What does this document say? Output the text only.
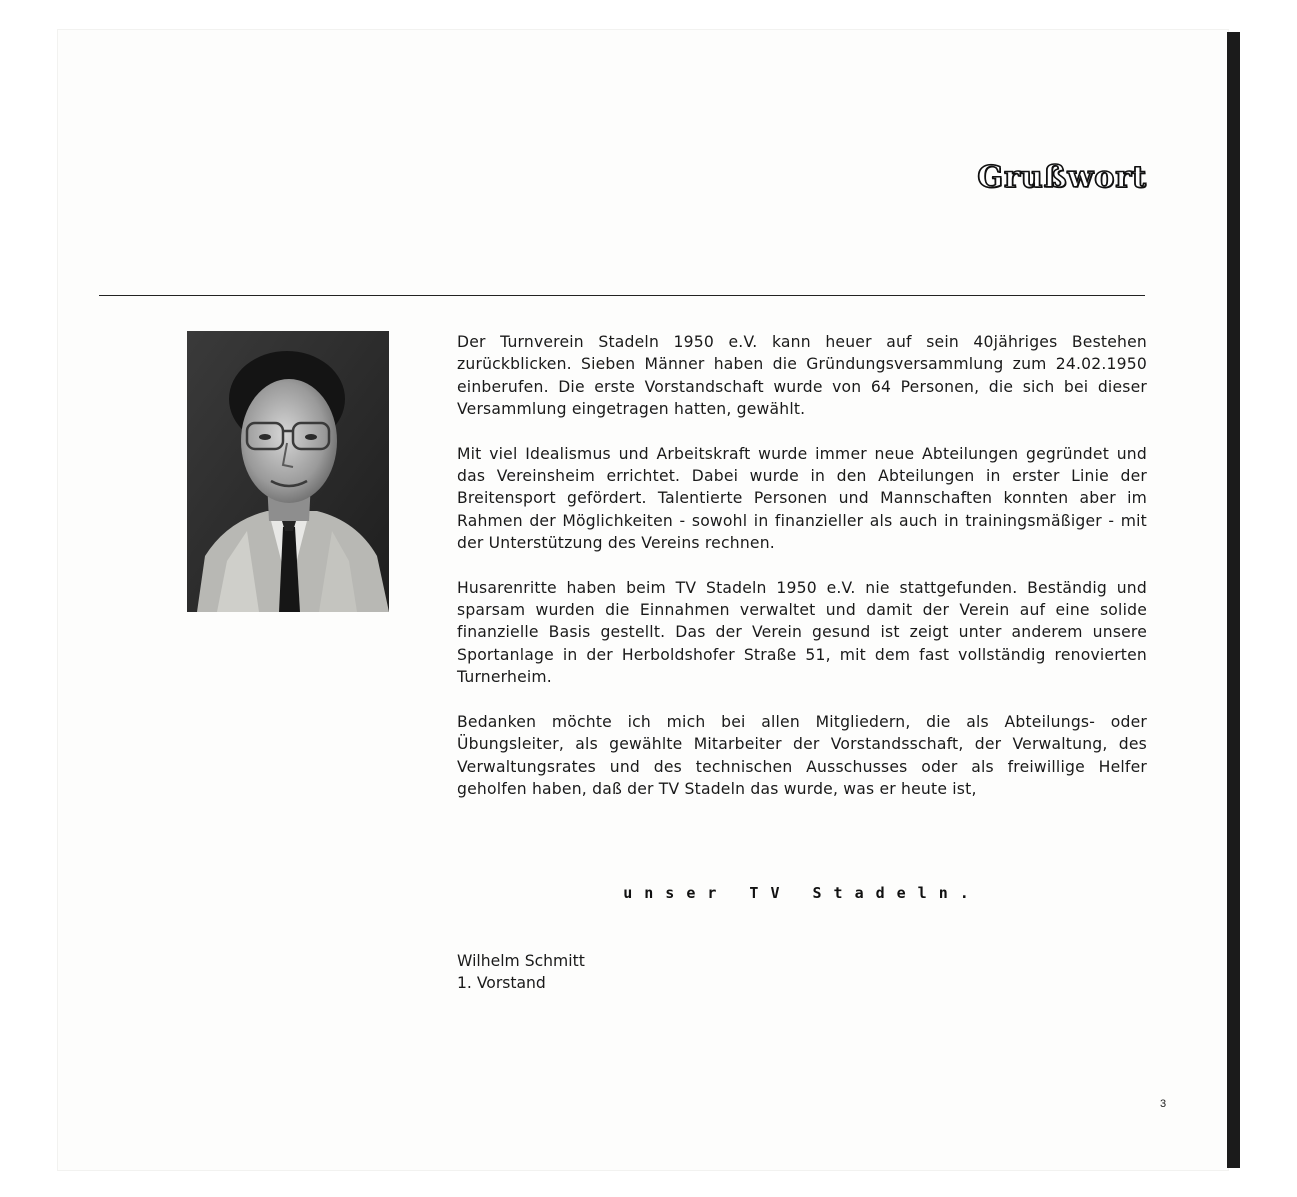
Grußwort

Der Turnverein Stadeln 1950 e.V. kann heuer auf sein 40jähriges Bestehen zurückblicken. Sieben Männer haben die Gründungsversammlung zum 24.02.1950 einberufen. Die erste Vorstandschaft wurde von 64 Personen, die sich bei dieser Versammlung eingetragen hatten, gewählt.

Mit viel Idealismus und Arbeitskraft wurde immer neue Abteilungen gegründet und das Vereinsheim errichtet. Dabei wurde in den Abteilungen in erster Linie der Breitensport gefördert. Talentierte Personen und Mannschaften konnten aber im Rahmen der Möglichkeiten - sowohl in finanzieller als auch in trainingsmäßiger - mit der Unterstützung des Vereins rechnen.

Husarenritte haben beim TV Stadeln 1950 e.V. nie stattgefunden. Beständig und sparsam wurden die Einnahmen verwaltet und damit der Verein auf eine solide finanzielle Basis gestellt. Das der Verein gesund ist zeigt unter anderem unsere Sportanlage in der Herboldshofer Straße 51, mit dem fast vollständig renovierten Turnerheim.

Bedanken möchte ich mich bei allen Mitgliedern, die als Abteilungs- oder Übungsleiter, als gewählte Mitarbeiter der Vorstandsschaft, der Verwaltung, des Verwaltungsrates und des technischen Ausschusses oder als freiwillige Helfer geholfen haben, daß der TV Stadeln das wurde, was er heute ist,

unser TV Stadeln.
Wilhelm Schmitt
1. Vorstand
3
